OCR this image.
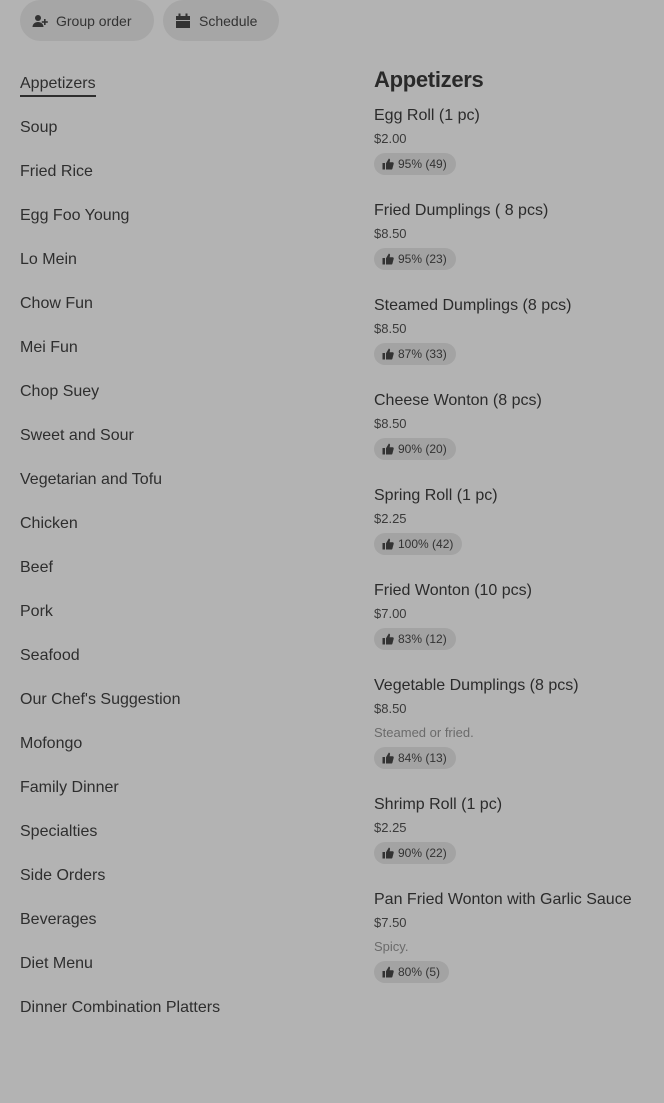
Group order	Schedule
Appetizers
Soup
Fried Rice
Egg Foo Young
Lo Mein
Chow Fun
Mei Fun
Chop Suey
Sweet and Sour
Vegetarian and Tofu
Chicken
Beef
Pork
Seafood
Our Chef's Suggestion
Mofongo
Family Dinner
Specialties
Side Orders
Beverages
Diet Menu
Dinner Combination Platters
Appetizers
Egg Roll (1 pc)
$2.00
95% (49)
Fried Dumplings ( 8 pcs)
$8.50
95% (23)
Steamed Dumplings (8 pcs)
$8.50
87% (33)
Cheese Wonton (8 pcs)
$8.50
90% (20)
Spring Roll (1 pc)
$2.25
100% (42)
Fried Wonton (10 pcs)
$7.00
83% (12)
Vegetable Dumplings (8 pcs)
$8.50
Steamed or fried.
84% (13)
Shrimp Roll (1 pc)
$2.25
90% (22)
Pan Fried Wonton with Garlic Sauce
$7.50
Spicy.
80% (5)
